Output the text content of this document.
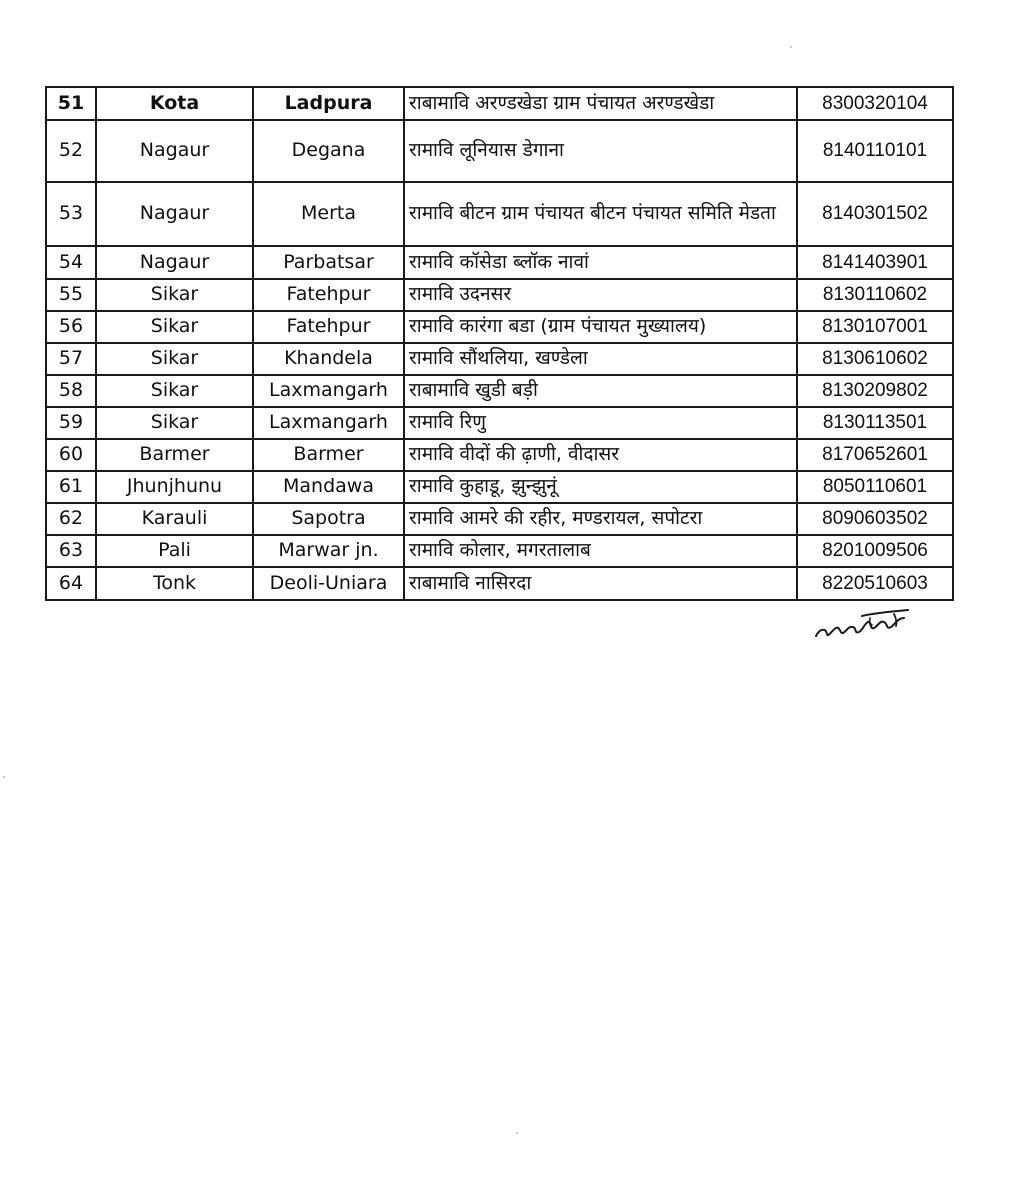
51	Kota	Ladpura	राबामावि अरण्डखेडा ग्राम पंचायत अरण्डखेडा	8300320104
52	Nagaur	Degana	रामावि लूनियास डेगाना	8140110101
53	Nagaur	Merta	रामावि बीटन ग्राम पंचायत बीटन पंचायत समिति मेडता	8140301502
54	Nagaur	Parbatsar	रामावि कॉसेडा ब्लॉक नावां	8141403901
55	Sikar	Fatehpur	रामावि उदनसर	8130110602
56	Sikar	Fatehpur	रामावि कारंगा बडा (ग्राम पंचायत मुख्यालय)	8130107001
57	Sikar	Khandela	रामावि सौंथलिया, खण्डेला	8130610602
58	Sikar	Laxmangarh	राबामावि खुडी बड़ी	8130209802
59	Sikar	Laxmangarh	रामावि रिणु	8130113501
60	Barmer	Barmer	रामावि वीदों की ढ़ाणी, वीदासर	8170652601
61	Jhunjhunu	Mandawa	रामावि कुहाडू, झुन्झुनूं	8050110601
62	Karauli	Sapotra	रामावि आमरे की रहीर, मण्डरायल, सपोटरा	8090603502
63	Pali	Marwar jn.	रामावि कोलार, मगरतालाब	8201009506
64	Tonk	Deoli-Uniara	राबामावि नासिरदा	8220510603
